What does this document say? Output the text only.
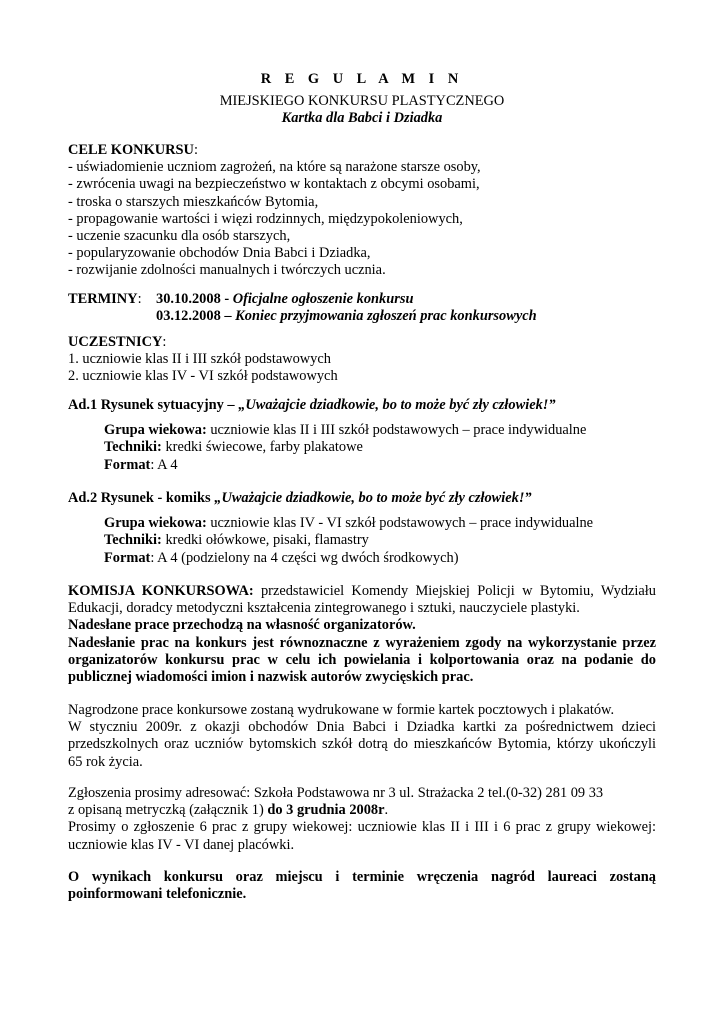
R E G U L A M I N
MIEJSKIEGO KONKURSU PLASTYCZNEGO
Kartka dla Babci i Dziadka
CELE KONKURSU:
- uświadomienie uczniom zagrożeń, na które są narażone starsze osoby,
- zwrócenia uwagi na bezpieczeństwo w kontaktach z obcymi osobami,
- troska o starszych mieszkańców Bytomia,
- propagowanie wartości i więzi rodzinnych, międzypokoleniowych,
- uczenie szacunku dla osób starszych,
- popularyzowanie obchodów Dnia Babci i Dziadka,
- rozwijanie zdolności manualnych i twórczych ucznia.
TERMINY: 30.10.2008 - Oficjalne ogłoszenie konkursu
03.12.2008 – Koniec przyjmowania zgłoszeń prac konkursowych
UCZESTNICY:
1. uczniowie klas II i III szkół podstawowych
2. uczniowie klas IV - VI szkół podstawowych
Ad.1 Rysunek sytuacyjny – „Uważajcie dziadkowie, bo to może być zły człowiek!”
Grupa wiekowa: uczniowie klas II i III szkół podstawowych – prace indywidualne
Techniki: kredki świecowe, farby plakatowe
Format: A 4
Ad.2 Rysunek - komiks „Uważajcie dziadkowie, bo to może być zły człowiek!”
Grupa wiekowa: uczniowie klas IV - VI szkół podstawowych – prace indywidualne
Techniki: kredki ołówkowe, pisaki, flamastry
Format: A 4 (podzielony na 4 części wg dwóch środkowych)
KOMISJA KONKURSOWA: przedstawiciel Komendy Miejskiej Policji w Bytomiu, Wydziału
Edukacji, doradcy metodyczni kształcenia zintegrowanego i sztuki, nauczyciele plastyki.
Nadesłane prace przechodzą na własność organizatorów.
Nadesłanie prac na konkurs jest równoznaczne z wyrażeniem zgody na wykorzystanie przez
organizatorów konkursu prac w celu ich powielania i kolportowania oraz na podanie do
publicznej wiadomości imion i nazwisk autorów zwycięskich prac.
Nagrodzone prace konkursowe zostaną wydrukowane w formie kartek pocztowych i plakatów.
W styczniu 2009r. z okazji obchodów Dnia Babci i Dziadka kartki za pośrednictwem dzieci
przedszkolnych oraz uczniów bytomskich szkół dotrą do mieszkańców Bytomia, którzy ukończyli
65 rok życia.
Zgłoszenia prosimy adresować: Szkoła Podstawowa nr 3 ul. Strażacka 2 tel.(0-32) 281 09 33
z opisaną metryczką (załącznik 1) do 3 grudnia 2008r.
Prosimy o zgłoszenie 6 prac z grupy wiekowej: uczniowie klas II i III i 6 prac z grupy wiekowej:
uczniowie klas IV - VI danej placówki.
O wynikach konkursu oraz miejscu i terminie wręczenia nagród laureaci zostaną
poinformowani telefonicznie.
